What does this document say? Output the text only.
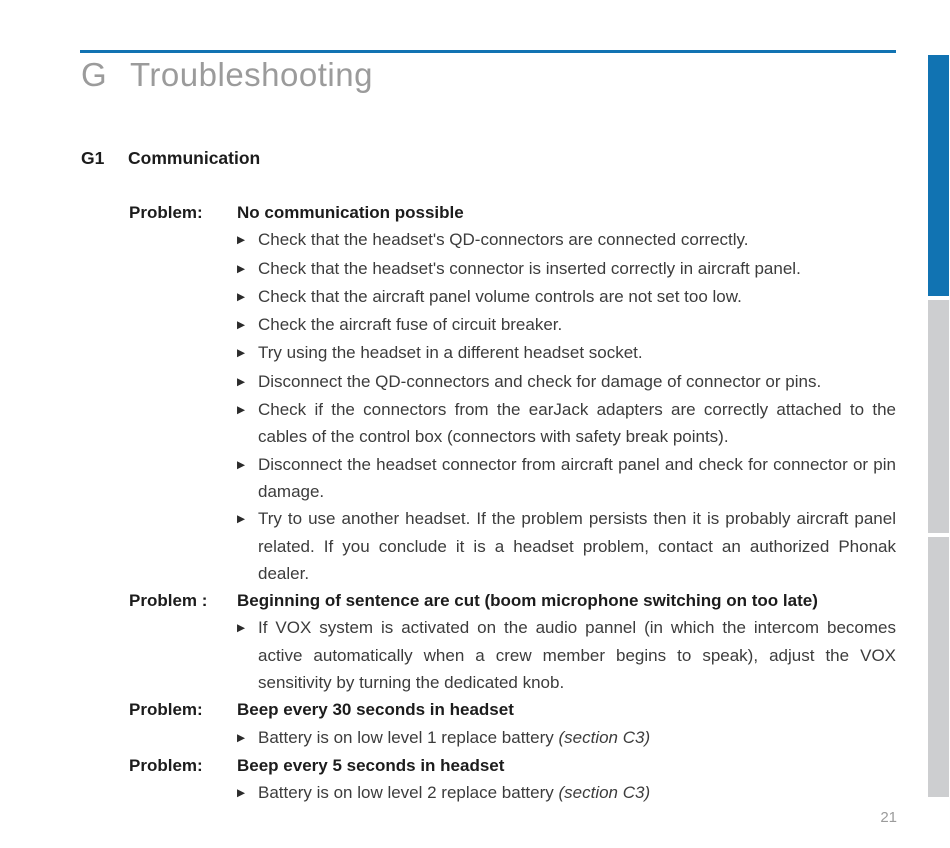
G Troubleshooting
G1	Communication
Problem:	No communication possible
▶ Check that the headset's QD-connectors are connected correctly.
▶ Check that the headset's connector is inserted correctly in aircraft panel.
▶ Check that the aircraft panel volume controls are not set too low.
▶ Check the aircraft fuse of circuit breaker.
▶ Try using the headset in a different headset socket.
▶ Disconnect the QD-connectors and check for damage of connector or pins.
▶ Check if the connectors from the earJack adapters are correctly attached to the cables of the control box (connectors with safety break points).
▶ Disconnect the headset connector from aircraft panel and check for connector or pin damage.
▶ Try to use another headset. If the problem persists then it is probably aircraft panel related. If you conclude it is a headset problem, contact an authorized Phonak dealer.
Problem :	Beginning of sentence are cut (boom microphone switching on too late)
▶ If VOX system is activated on the audio pannel (in which the intercom becomes active automatically when a crew member begins to speak), adjust the VOX sensitivity by turning the dedicated knob.
Problem:	Beep every 30 seconds in headset
▶ Battery is on low level 1 replace battery (section C3)
Problem:	Beep every 5 seconds in headset
▶ Battery is on low level 2 replace battery (section C3)
21
